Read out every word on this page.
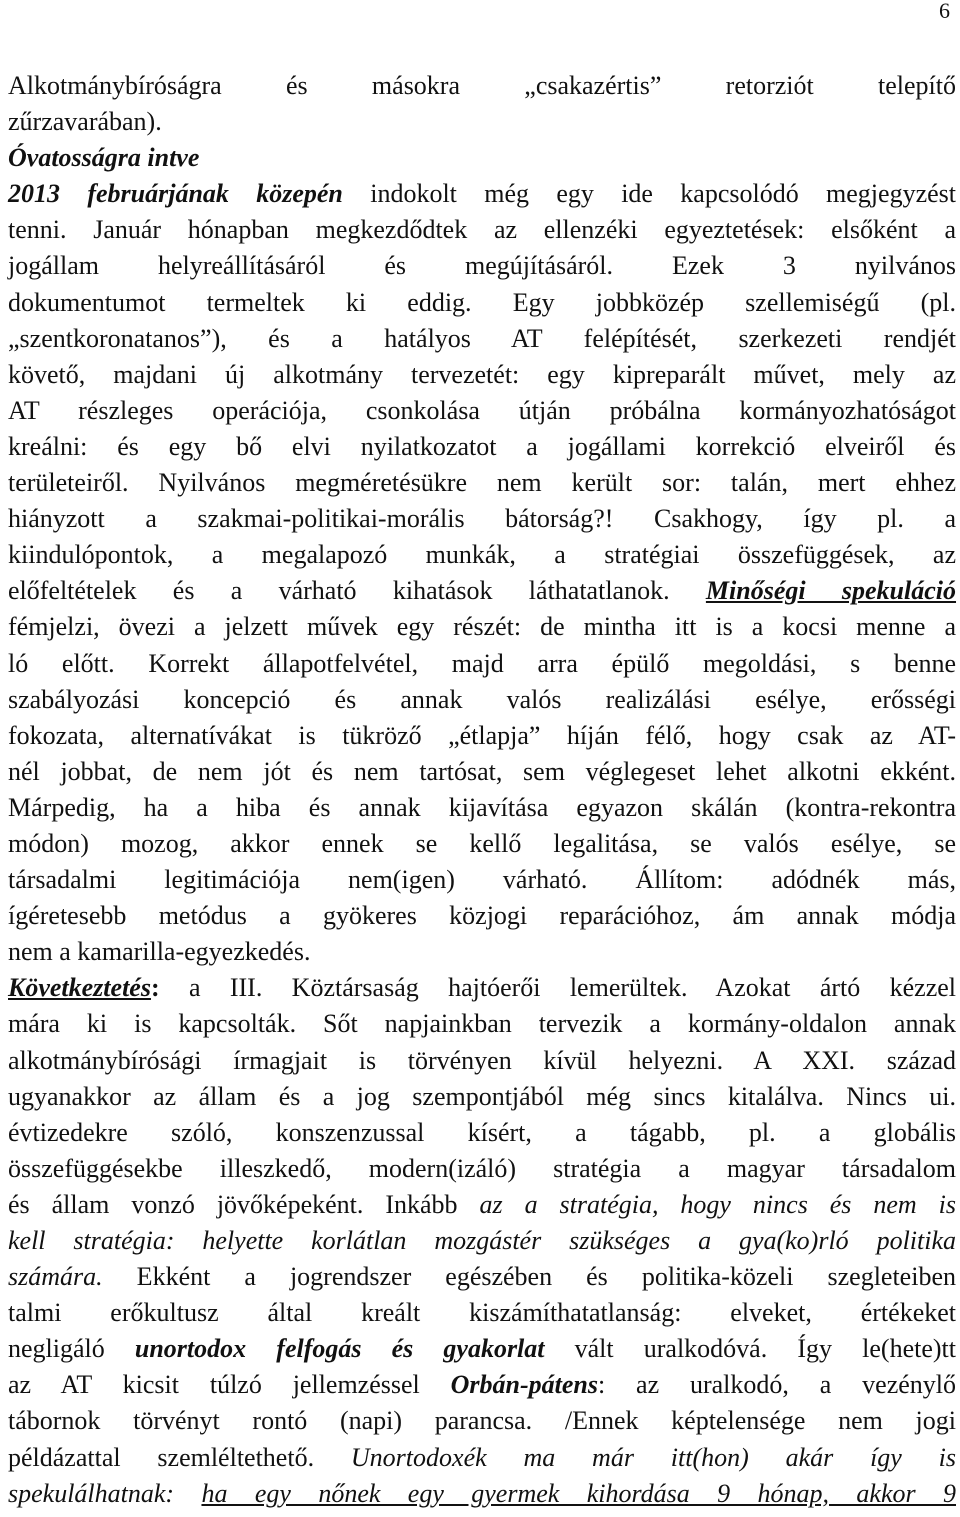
6
Alkotmánybíróságra és másokra „csakazértis” retorziót telepítő
zűrzavarában).
Óvatosságra intve
2013 februárjának közepén indokolt még egy ide kapcsolódó megjegyzést
tenni. Január hónapban megkezdődtek az ellenzéki egyeztetések: elsőként a
jogállam helyreállításáról és megújításáról. Ezek 3 nyilvános
dokumentumot termeltek ki eddig. Egy jobbközép szellemiségű (pl.
„szentkoronatanos”), és a hatályos AT felépítését, szerkezeti rendjét
követő, majdani új alkotmány tervezetét: egy kipreparált művet, mely az
AT részleges operációja, csonkolása útján próbálna kormányozhatóságot
kreálni: és egy bő elvi nyilatkozatot a jogállami korrekció elveiről és
területeiről. Nyilvános megméretésükre nem került sor: talán, mert ehhez
hiányzott a szakmai-politikai-morális bátorság?! Csakhogy, így pl. a
kiindulópontok, a megalapozó munkák, a stratégiai összefüggések, az
előfeltételek és a várható kihatások láthatatlanok. Minőségi spekuláció
fémjelzi, övezi a jelzett művek egy részét: de mintha itt is a kocsi menne a
ló előtt. Korrekt állapotfelvétel, majd arra épülő megoldási, s benne
szabályozási koncepció és annak valós realizálási esélye, erősségi
fokozata, alternatívákat is tükröző „étlapja” híján félő, hogy csak az AT-
nél jobbat, de nem jót és nem tartósat, sem véglegeset lehet alkotni ekként.
Márpedig, ha a hiba és annak kijavítása egyazon skálán (kontra-rekontra
módon) mozog, akkor ennek se kellő legalitása, se valós esélye, se
társadalmi legitimációja nem(igen) várható. Állítom: adódnék más,
ígéretesebb metódus a gyökeres közjogi reparációhoz, ám annak módja
nem a kamarilla-egyezkedés.
Következtetés: a III. Köztársaság hajtóerői lemerültek. Azokat ártó kézzel
mára ki is kapcsolták. Sőt napjainkban tervezik a kormány-oldalon annak
alkotmánybírósági írmagjait is törvényen kívül helyezni. A XXI. század
ugyanakkor az állam és a jog szempontjából még sincs kitalálva. Nincs ui.
évtizedekre szóló, konszenzussal kísért, a tágabb, pl. a globális
összefüggésekbe illeszkedő, modern(izáló) stratégia a magyar társadalom
és állam vonzó jövőképeként. Inkább az a stratégia, hogy nincs és nem is
kell stratégia: helyette korlátlan mozgástér szükséges a gya(ko)rló politika
számára. Ekként a jogrendszer egészében és politika-közeli szegleteiben
talmi erőkultusz által kreált kiszámíthatatlanság: elveket, értékeket
negligáló unortodox felfogás és gyakorlat vált uralkodóvá. Így le(hete)tt
az AT kicsit túlzó jellemzéssel Orbán-pátens: az uralkodó, a vezénylő
tábornok törvényt rontó (napi) parancsa. /Ennek képtelensége nem jogi
példázattal szemléltethető. Unortodoxék ma már itt(hon) akár így is
spekulálhatnak: ha egy nőnek egy gyermek kihordása 9 hónap, akkor 9
